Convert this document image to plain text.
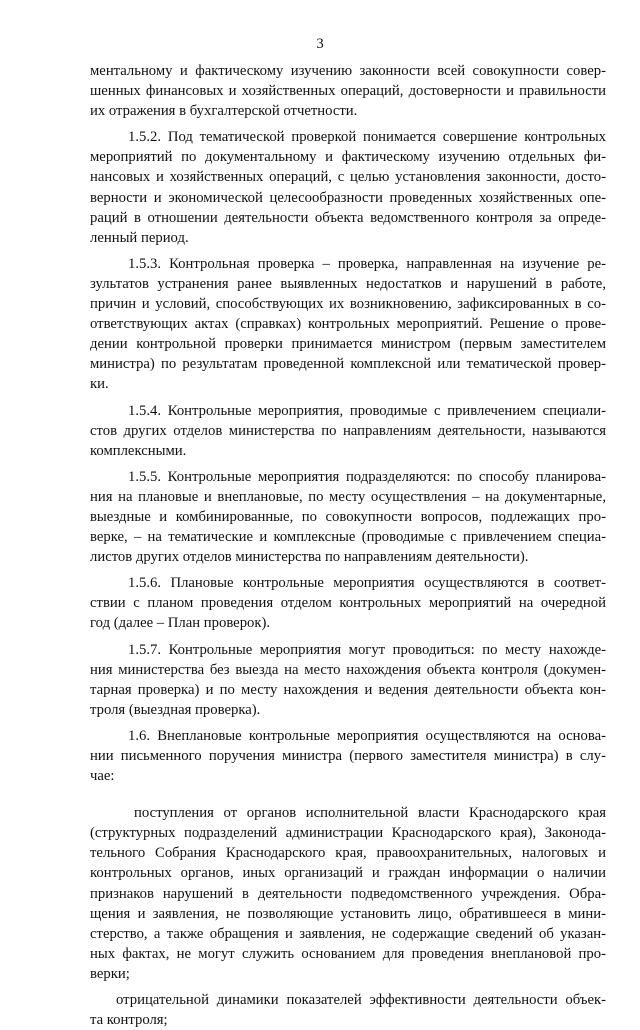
3

ментальному и фактическому изучению законности всей совокупности совер-
шенных финансовых и хозяйственных операций, достоверности и правильности
их отражения в бухгалтерской отчетности.

1.5.2. Под тематической проверкой понимается совершение контрольных
мероприятий по документальному и фактическому изучению отдельных фи-
нансовых и хозяйственных операций, с целью установления законности, досто-
верности и экономической целесообразности проведенных хозяйственных опе-
раций в отношении деятельности объекта ведомственного контроля за опреде-
ленный период.

1.5.3. Контрольная проверка – проверка, направленная на изучение ре-
зультатов устранения ранее выявленных недостатков и нарушений в работе,
причин и условий, способствующих их возникновению, зафиксированных в со-
ответствующих актах (справках) контрольных мероприятий. Решение о прове-
дении контрольной проверки принимается министром (первым заместителем
министра) по результатам проведенной комплексной или тематической провер-
ки.

1.5.4. Контрольные мероприятия, проводимые с привлечением специали-
стов других отделов министерства по направлениям деятельности, называются
комплексными.

1.5.5. Контрольные мероприятия подразделяются: по способу планирова-
ния на плановые и внеплановые, по месту осуществления – на документарные,
выездные и комбинированные, по совокупности вопросов, подлежащих про-
верке, – на тематические и комплексные (проводимые с привлечением специа-
листов других отделов министерства по направлениям деятельности).

1.5.6. Плановые контрольные мероприятия осуществляются в соответ-
ствии с планом проведения отделом контрольных мероприятий на очередной
год (далее – План проверок).

1.5.7. Контрольные мероприятия могут проводиться: по месту нахожде-
ния министерства без выезда на место нахождения объекта контроля (докумен-
тарная проверка) и по месту нахождения и ведения деятельности объекта кон-
троля (выездная проверка).

1.6. Внеплановые контрольные мероприятия осуществляются на основа-
нии письменного поручения министра (первого заместителя министра) в слу-
чае:

поступления от органов исполнительной власти Краснодарского края
(структурных подразделений администрации Краснодарского края), Законода-
тельного Собрания Краснодарского края, правоохранительных, налоговых и
контрольных органов, иных организаций и граждан информации о наличии
признаков нарушений в деятельности подведомственного учреждения. Обра-
щения и заявления, не позволяющие установить лицо, обратившееся в мини-
стерство, а также обращения и заявления, не содержащие сведений об указан-
ных фактах, не могут служить основанием для проведения внеплановой про-
верки;

отрицательной динамики показателей эффективности деятельности объек-
та контроля;
